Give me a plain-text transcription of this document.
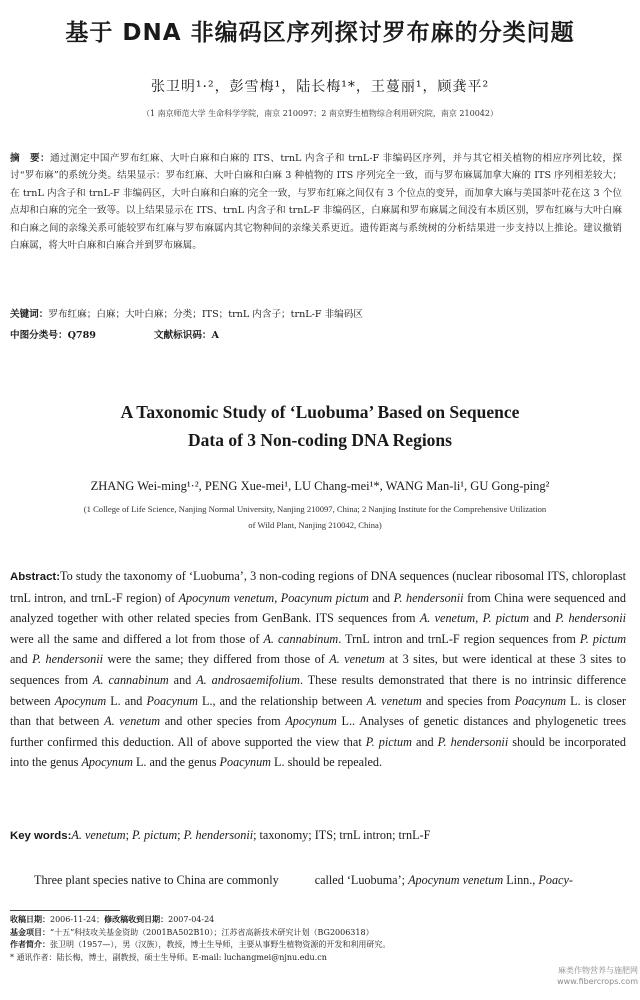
基于 DNA 非编码区序列探讨罗布麻的分类问题
张卫明¹·²，彭雪梅¹，陆长梅¹*，王蔓丽¹，顾龚平²
（1 南京师范大学 生命科学学院，南京 210097；2 南京野生植物综合利用研究院，南京 210042）
摘　要：通过测定中国产罗布红麻、大叶白麻和白麻的 ITS、trnL 内含子和 trnL-F 非编码区序列，并与其它相关植物的相应序列比较，探讨“罗布麻”的系统分类。结果显示：罗布红麻、大叶白麻和白麻 3 种植物的 ITS 序列完全一致，而与罗布麻属加拿大麻的 ITS 序列相差较大；在 trnL 内含子和 trnL-F 非编码区，大叶白麻和白麻的完全一致，与罗布红麻之间仅有 3 个位点的变异，而加拿大麻与美国茶叶花在这 3 个位点却和白麻的完全一致等。以上结果显示在 ITS、trnL 内含子和 trnL-F 非编码区，白麻属和罗布麻属之间没有本质区别，罗布红麻与大叶白麻和白麻之间的亲缘关系可能较罗布红麻与罗布麻属内其它物种间的亲缘关系更近。遗传距离与系统树的分析结果进一步支持以上推论。建议撤销白麻属，将大叶白麻和白麻合并到罗布麻属。
关键词：罗布红麻；白麻；大叶白麻；分类；ITS；trnL 内含子；trnL-F 非编码区
中图分类号：Q789	文献标识码：A
A Taxonomic Study of ‘Luobuma’ Based on Sequence
Data of 3 Non-coding DNA Regions
ZHANG Wei-ming¹·², PENG Xue-mei¹, LU Chang-mei¹*, WANG Man-li¹, GU Gong-ping²
(1 College of Life Science, Nanjing Normal University, Nanjing 210097, China; 2 Nanjing Institute for the Comprehensive Utilization
of Wild Plant, Nanjing 210042, China)
Abstract:To study the taxonomy of ‘Luobuma’, 3 non-coding regions of DNA sequences (nuclear ribosomal ITS, chloroplast trnL intron, and trnL-F region) of Apocynum venetum, Poacynum pictum and P. hendersonii from China were sequenced and analyzed together with other related species from GenBank. ITS sequences from A. venetum, P. pictum and P. hendersonii were all the same and differed a lot from those of A. cannabinum. TrnL intron and trnL-F region sequences from P. pictum and P. hendersonii were the same; they differed from those of A. venetum at 3 sites, but were identical at these 3 sites to sequences from A. cannabinum and A. androsaemifolium. These results demonstrated that there is no intrinsic difference between Apocynum L. and Poacynum L., and the relationship between A. venetum and species from Poacynum L. is closer than that between A. venetum and other species from Apocynum L.. Analyses of genetic distances and phylogenetic trees further confirmed this deduction. All of above supported the view that P. pictum and P. hendersonii should be incorporated into the genus Apocynum L. and the genus Poacynum L. should be repealed.
Key words:A. venetum; P. pictum; P. hendersonii; taxonomy; ITS; trnL intron; trnL-F
Three plant species native to China are commonly	called ‘Luobuma’; Apocynum venetum Linn., Poacy-
收稿日期：2006-11-24；修改稿收到日期：2007-04-24
基金项目：“十五”科技攻关基金资助（2001BA502B10）；江苏省高新技术研究计划（BG2006318）
作者简介：张卫明（1957—），男（汉族），教授，博士生导师，主要从事野生植物资源的开发和利用研究。
* 通讯作者：陆长梅，博士，副教授，硕士生导师。E-mail: luchangmei@njnu.edu.cn
麻类作物营养与施肥网
www.fibercrops.com
